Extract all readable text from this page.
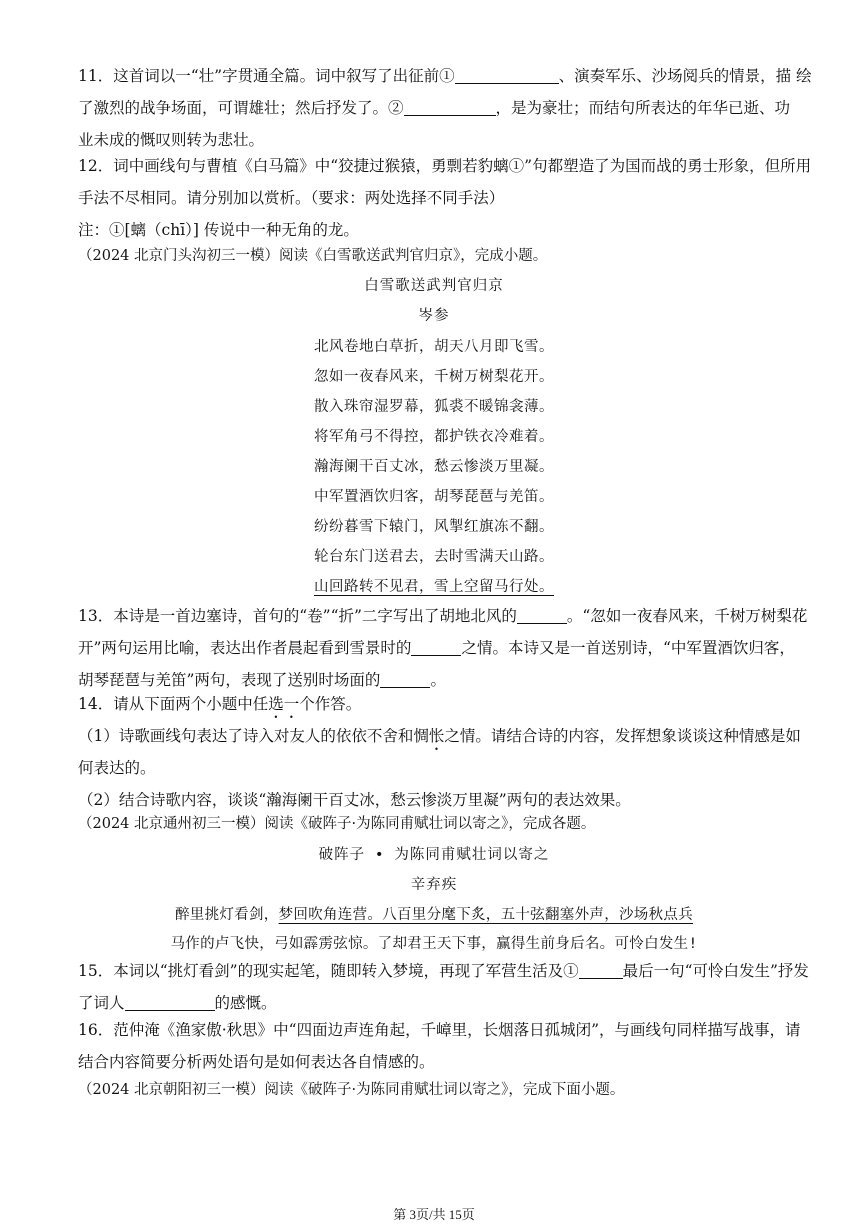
11．这首词以一“壮”字贯通全篇。词中叙写了出征前①	、演奏军乐、沙场阅兵的情景，描 绘
了激烈的战争场面，可谓雄壮；然后抒发了。②	，是为豪壮；而结句所表达的年华已逝、功
业未成的慨叹则转为悲壮。
12．词中画线句与曹植《白马篇》中“狡捷过猴猿，勇剽若豹螭①”句都塑造了为国而战的勇士形象，但所用
手法不尽相同。请分别加以赏析。（要求：两处选择不同手法）
注：①[螭（chī）] 传说中一种无角的龙。
（2024 北京门头沟初三一模）阅读《白雪歌送武判官归京》，完成小题。
白雪歌送武判官归京
岑参
北风卷地白草折，胡天八月即飞雪。
忽如一夜春风来，千树万树梨花开。
散入珠帘湿罗幕，狐裘不暖锦衾薄。
将军角弓不得控，都护铁衣冷难着。
瀚海阑干百丈冰，愁云惨淡万里凝。
中军置酒饮归客，胡琴琵琶与羌笛。
纷纷暮雪下辕门，风掣红旗冻不翻。
轮台东门送君去，去时雪满天山路。
山回路转不见君，雪上空留马行处。
13．本诗是一首边塞诗，首句的“卷”“折”二字写出了胡地北风的	。“忽如一夜春风来，千树万树梨花
开”两句运用比喻，表达出作者晨起看到雪景时的	之情。本诗又是一首送别诗，“中军置酒饮归客，
胡琴琵琶与羌笛”两句，表现了送别时场面的	。
14．请从下面两个小题中任选一个作答。
（1）诗歌画线句表达了诗入对友人的依依不舍和惆怅之情。请结合诗的内容，发挥想象谈谈这种情感是如
何表达的。
（2）结合诗歌内容，谈谈“瀚海阑干百丈冰，愁云惨淡万里凝”两句的表达效果。
（2024 北京通州初三一模）阅读《破阵子·为陈同甫赋壮词以寄之》，完成各题。
破阵子 • 为陈同甫赋壮词以寄之
辛弃疾
醉里挑灯看剑，梦回吹角连营。八百里分麾下炙，五十弦翻塞外声，沙场秋点兵
马作的卢飞快，弓如霹雳弦惊。了却君王天下事，赢得生前身后名。可怜白发生!
15．本词以“挑灯看剑”的现实起笔，随即转入梦境，再现了军营生活及①	最后一句“可怜白发生”抒发
了词人	的感慨。
16．范仲淹《渔家傲·秋思》中“四面边声连角起，千嶂里，长烟落日孤城闭”，与画线句同样描写战事，请
结合内容简要分析两处语句是如何表达各自情感的。
（2024 北京朝阳初三一模）阅读《破阵子·为陈同甫赋壮词以寄之》，完成下面小题。
第 3页/共 15页
